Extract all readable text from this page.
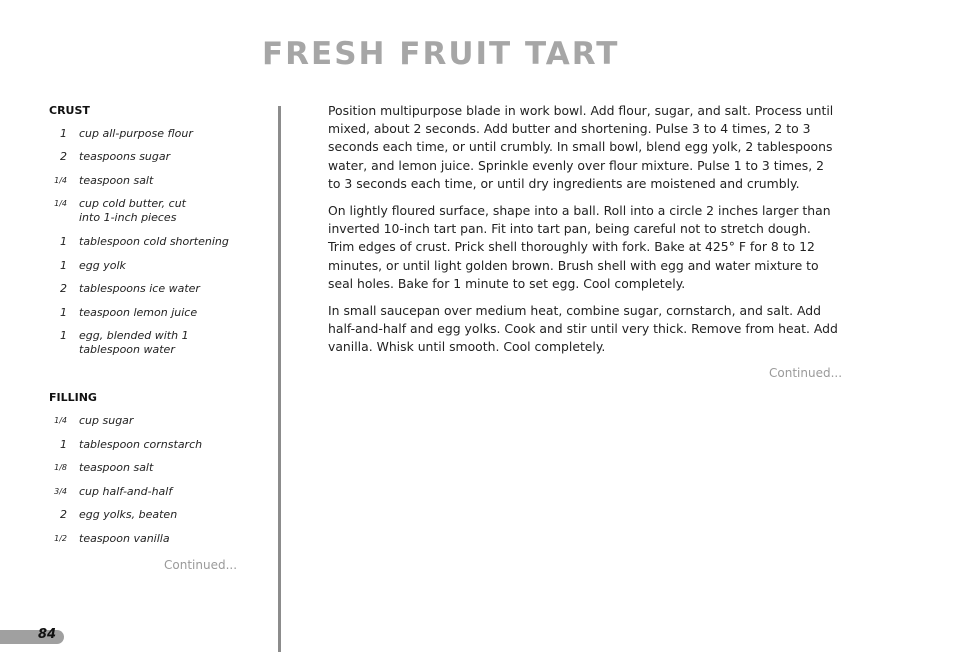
FRESH FRUIT TART
CRUST
1 cup all-purpose flour
2 teaspoons sugar
1/4 teaspoon salt
1/4 cup cold butter, cut into 1-inch pieces
1 tablespoon cold shortening
1 egg yolk
2 tablespoons ice water
1 teaspoon lemon juice
1 egg, blended with 1 tablespoon water
FILLING
1/4 cup sugar
1 tablespoon cornstarch
1/8 teaspoon salt
3/4 cup half-and-half
2 egg yolks, beaten
1/2 teaspoon vanilla
Continued...

Position multipurpose blade in work bowl. Add flour, sugar, and salt. Process until mixed, about 2 seconds. Add butter and shortening. Pulse 3 to 4 times, 2 to 3 seconds each time, or until crumbly. In small bowl, blend egg yolk, 2 tablespoons water, and lemon juice. Sprinkle evenly over flour mixture. Pulse 1 to 3 times, 2 to 3 seconds each time, or until dry ingredients are moistened and crumbly.

On lightly floured surface, shape into a ball. Roll into a circle 2 inches larger than inverted 10-inch tart pan. Fit into tart pan, being careful not to stretch dough. Trim edges of crust. Prick shell thoroughly with fork. Bake at 425° F for 8 to 12 minutes, or until light golden brown. Brush shell with egg and water mixture to seal holes. Bake for 1 minute to set egg. Cool completely.

In small saucepan over medium heat, combine sugar, cornstarch, and salt. Add half-and-half and egg yolks. Cook and stir until very thick. Remove from heat. Add vanilla. Whisk until smooth. Cool completely.

Continued...
84
